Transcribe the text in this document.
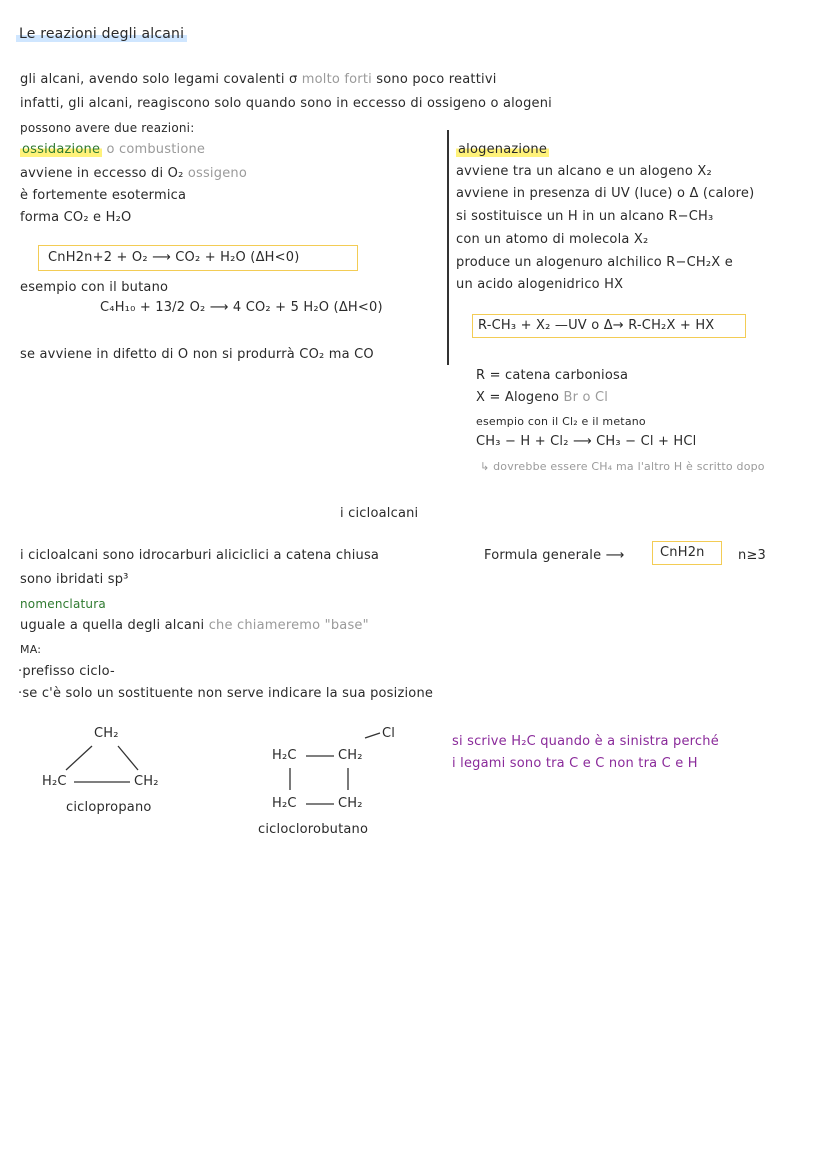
Le reazioni degli alcani
gli alcani, avendo solo legami covalenti σ molto forti sono poco reattivi
infatti, gli alcani, reagiscono solo quando sono in eccesso di ossigeno o alogeni
possono avere due reazioni:
ossidazione o combustione
avviene in eccesso di O₂ ossigeno
è fortemente esotermica
forma CO₂ e H₂O
CnH2n+2 + O₂ ⟶ CO₂ + H₂O (ΔH<0)
esempio con il butano
C₄H₁₀ + 13/2 O₂ ⟶ 4 CO₂ + 5 H₂O (ΔH<0)
se avviene in difetto di O non si produrrà CO₂ ma CO
alogenazione
avviene tra un alcano e un alogeno X₂
avviene in presenza di UV (luce) o Δ (calore)
si sostituisce un H in un alcano R−CH₃
con un atomo di molecola X₂
produce un alogenuro alchilico R−CH₂X e
un acido alogenidrico HX
R-CH₃ + X₂ —UV o Δ→ R-CH₂X + HX
R = catena carboniosa
X = Alogeno Br o Cl
esempio con il Cl₂ e il metano
CH₃ − H + Cl₂ ⟶ CH₃ − Cl + HCl
↳ dovrebbe essere CH₄ ma l'altro H è scritto dopo
i cicloalcani
i cicloalcani sono idrocarburi aliciclici a catena chiusa	Formula generale ⟶	CnH2n	n≥3
sono ibridati sp³
nomenclatura
uguale a quella degli alcani che chiameremo "base"
MA:
·prefisso ciclo-
·se c'è solo un sostituente non serve indicare la sua posizione
CH₂
H₂C	CH₂
ciclopropano
Cl
H₂C	CH₂
H₂C	CH₂
cicloclorobutano
si scrive H₂C quando è a sinistra perché
i legami sono tra C e C non tra C e H
